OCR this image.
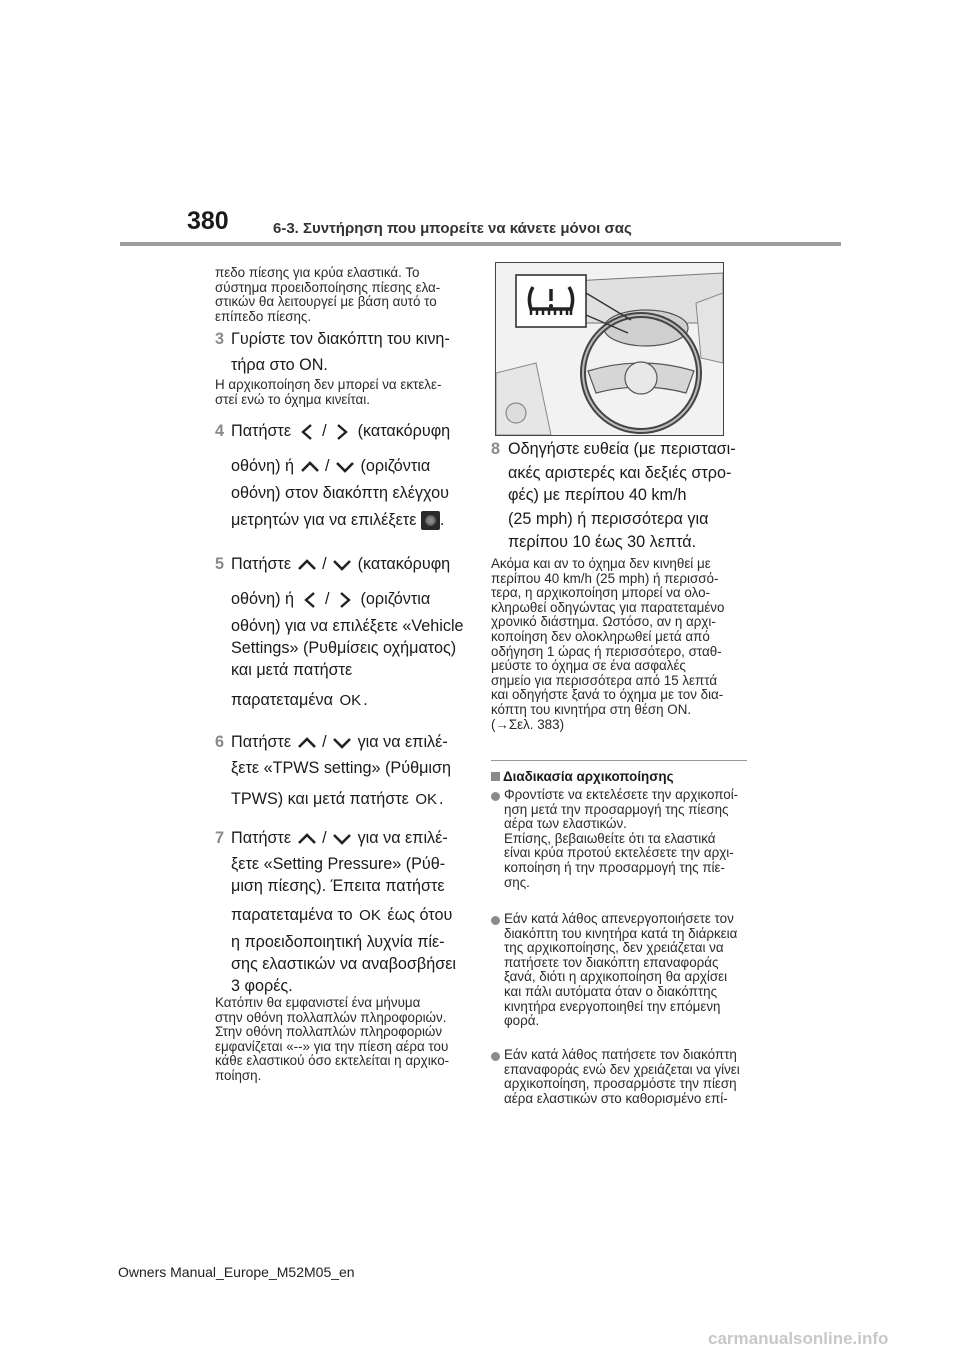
380	6-3. Συντήρηση που μπορείτε να κάνετε μόνοι σας
πεδο πίεσης για κρύα ελαστικά. Το
σύστημα προειδοποίησης πίεσης ελα-
στικών θα λειτουργεί με βάση αυτό το
επίπεδο πίεσης.
3 Γυρίστε τον διακόπτη του κινη-
τήρα στο ON.
Η αρχικοποίηση δεν μπορεί να εκτελε-
στεί ενώ το όχημα κινείται.
4 Πατήστε / (κατακόρυφη
οθόνη) ή / (οριζόντια
οθόνη) στον διακόπτη ελέγχου
μετρητών για να επιλέξετε .
5 Πατήστε / (κατακόρυφη
οθόνη) ή / (οριζόντια
οθόνη) για να επιλέξετε «Vehicle
Settings» (Ρυθμίσεις οχήματος)
και μετά πατήστε
παρατεταμένα OK .
6 Πατήστε / για να επιλέ-
ξετε «TPWS setting» (Ρύθμιση
TPWS) και μετά πατήστε OK .
7 Πατήστε / για να επιλέ-
ξετε «Setting Pressure» (Ρύθ-
μιση πίεσης). Έπειτα πατήστε
παρατεταμένα το OK έως ότου
η προειδοποιητική λυχνία πίε-
σης ελαστικών να αναβοσβήσει
3 φορές.
Κατόπιν θα εμφανιστεί ένα μήνυμα
στην οθόνη πολλαπλών πληροφοριών.
Στην οθόνη πολλαπλών πληροφοριών
εμφανίζεται «--» για την πίεση αέρα του
κάθε ελαστικού όσο εκτελείται η αρχικο-
ποίηση.
8 Οδηγήστε ευθεία (με περιστασι-
ακές αριστερές και δεξιές στρο-
φές) με περίπου 40 km/h
(25 mph) ή περισσότερα για
περίπου 10 έως 30 λεπτά.
Ακόμα και αν το όχημα δεν κινηθεί με
περίπου 40 km/h (25 mph) ή περισσό-
τερα, η αρχικοποίηση μπορεί να ολο-
κληρωθεί οδηγώντας για παρατεταμένο
χρονικό διάστημα. Ωστόσο, αν η αρχι-
κοποίηση δεν ολοκληρωθεί μετά από
οδήγηση 1 ώρας ή περισσότερο, σταθ-
μεύστε το όχημα σε ένα ασφαλές
σημείο για περισσότερα από 15 λεπτά
και οδηγήστε ξανά το όχημα με τον δια-
κόπτη του κινητήρα στη θέση ON.
(→Σελ. 383)
Διαδικασία αρχικοποίησης
Φροντίστε να εκτελέσετε την αρχικοποί-
ηση μετά την προσαρμογή της πίεσης
αέρα των ελαστικών.
Επίσης, βεβαιωθείτε ότι τα ελαστικά
είναι κρύα προτού εκτελέσετε την αρχι-
κοποίηση ή την προσαρμογή της πίε-
σης.
Εάν κατά λάθος απενεργοποιήσετε τον
διακόπτη του κινητήρα κατά τη διάρκεια
της αρχικοποίησης, δεν χρειάζεται να
πατήσετε τον διακόπτη επαναφοράς
ξανά, διότι η αρχικοποίηση θα αρχίσει
και πάλι αυτόματα όταν ο διακόπτης
κινητήρα ενεργοποιηθεί την επόμενη
φορά.
Εάν κατά λάθος πατήσετε τον διακόπτη
επαναφοράς ενώ δεν χρειάζεται να γίνει
αρχικοποίηση, προσαρμόστε την πίεση
αέρα ελαστικών στο καθορισμένο επί-
Owners Manual_Europe_M52M05_en
carmanualsonline.info
